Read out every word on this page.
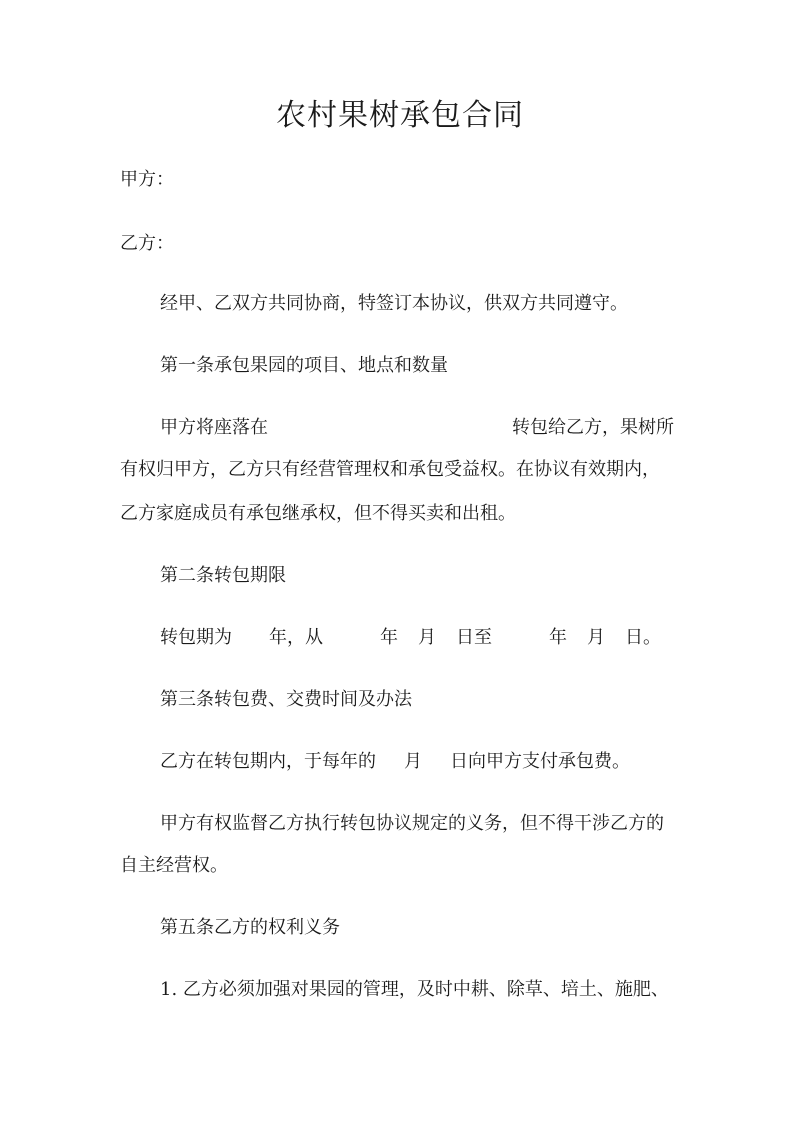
农村果树承包合同
甲方：
乙方：
经甲、乙双方共同协商，特签订本协议，供双方共同遵守。
第一条承包果园的项目、地点和数量
甲方将座落在	转包给乙方，果树所
有权归甲方，乙方只有经营管理权和承包受益权。在协议有效期内，
乙方家庭成员有承包继承权，但不得买卖和出租。
第二条转包期限
转包期为 年，从	年 月 日至	年 月 日。
第三条转包费、交费时间及办法
乙方在转包期内，于每年的 月 日向甲方支付承包费。
甲方有权监督乙方执行转包协议规定的义务，但不得干涉乙方的
自主经营权。
第五条乙方的权利义务
1. 乙方必须加强对果园的管理，及时中耕、除草、培土、施肥、
